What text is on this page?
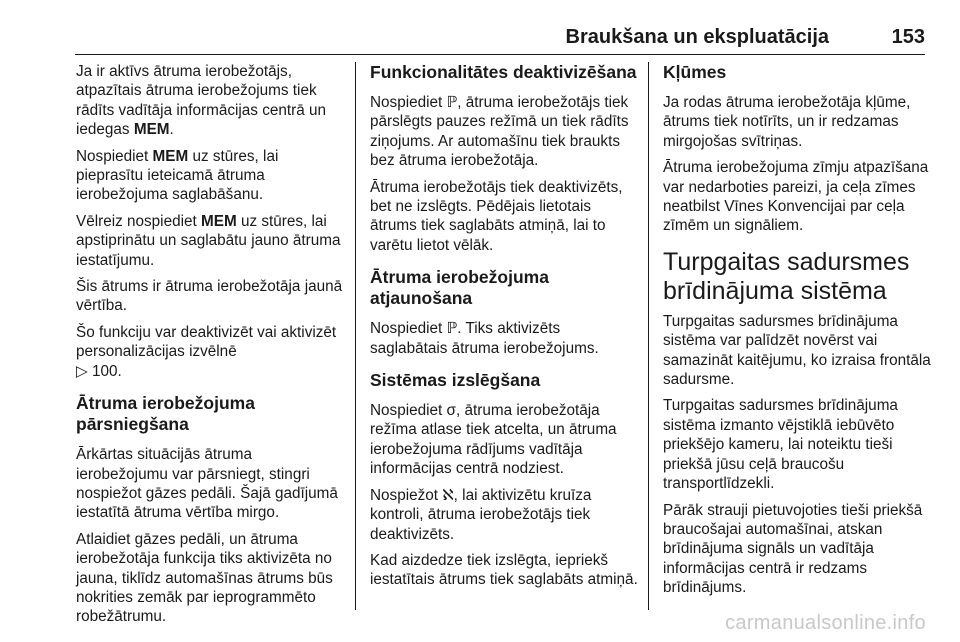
Braukšana un ekspluatācija	153

Ja ir aktīvs ātruma ierobežotājs, atpazītais ātruma ierobežojums tiek rādīts vadītāja informācijas centrā un iedegas MEM.

Nospiediet MEM uz stūres, lai pieprasītu ieteicamā ātruma ierobežojuma saglabāšanu.

Vēlreiz nospiediet MEM uz stūres, lai apstiprinātu un saglabātu jauno ātruma iestatījumu.

Šis ātrums ir ātruma ierobežotāja jaunā vērtība.

Šo funkciju var deaktivizēt vai aktivizēt personalizācijas izvēlnē
▷ 100.

Ātruma ierobežojuma pārsniegšana

Ārkārtas situācijās ātruma ierobežojumu var pārsniegt, stingri nospiežot gāzes pedāli. Šajā gadījumā iestatītā ātruma vērtība mirgo.

Atlaidiet gāzes pedāli, un ātruma ierobežotāja funkcija tiks aktivizēta no jauna, tiklīdz automašīnas ātrums būs nokrities zemāk par ieprogrammēto robežātrumu.

Funkcionalitātes deaktivizēšana

Nospiediet ℙ, ātruma ierobežotājs tiek pārslēgts pauzes režīmā un tiek rādīts ziņojums. Ar automašīnu tiek braukts bez ātruma ierobežotāja.

Ātruma ierobežotājs tiek deaktivizēts, bet ne izslēgts. Pēdējais lietotais ātrums tiek saglabāts atmiņā, lai to varētu lietot vēlāk.

Ātruma ierobežojuma atjaunošana

Nospiediet ℙ. Tiks aktivizēts saglabātais ātruma ierobežojums.

Sistēmas izslēgšana

Nospiediet σ, ātruma ierobežotāja režīma atlase tiek atcelta, un ātruma ierobežojuma rādījums vadītāja informācijas centrā nodziest.

Nospiežot ℵ, lai aktivizētu kruīza kontroli, ātruma ierobežotājs tiek deaktivizēts.

Kad aizdedze tiek izslēgta, iepriekš iestatītais ātrums tiek saglabāts atmiņā.

Kļūmes

Ja rodas ātruma ierobežotāja kļūme, ātrums tiek notīrīts, un ir redzamas mirgojošas svītriņas.

Ātruma ierobežojuma zīmju atpazīšana var nedarboties pareizi, ja ceļa zīmes neatbilst Vīnes Konvencijai par ceļa zīmēm un signāliem.

Turpgaitas sadursmes brīdinājuma sistēma

Turpgaitas sadursmes brīdinājuma sistēma var palīdzēt novērst vai samazināt kaitējumu, ko izraisa frontāla sadursme.

Turpgaitas sadursmes brīdinājuma sistēma izmanto vējstiklā iebūvēto priekšējo kameru, lai noteiktu tieši priekšā jūsu ceļā braucošu transportlīdzekli.

Pārāk strauji pietuvojoties tieši priekšā braucošajai automašīnai, atskan brīdinājuma signāls un vadītāja informācijas centrā ir redzams brīdinājums.

carmanualsonline.info
